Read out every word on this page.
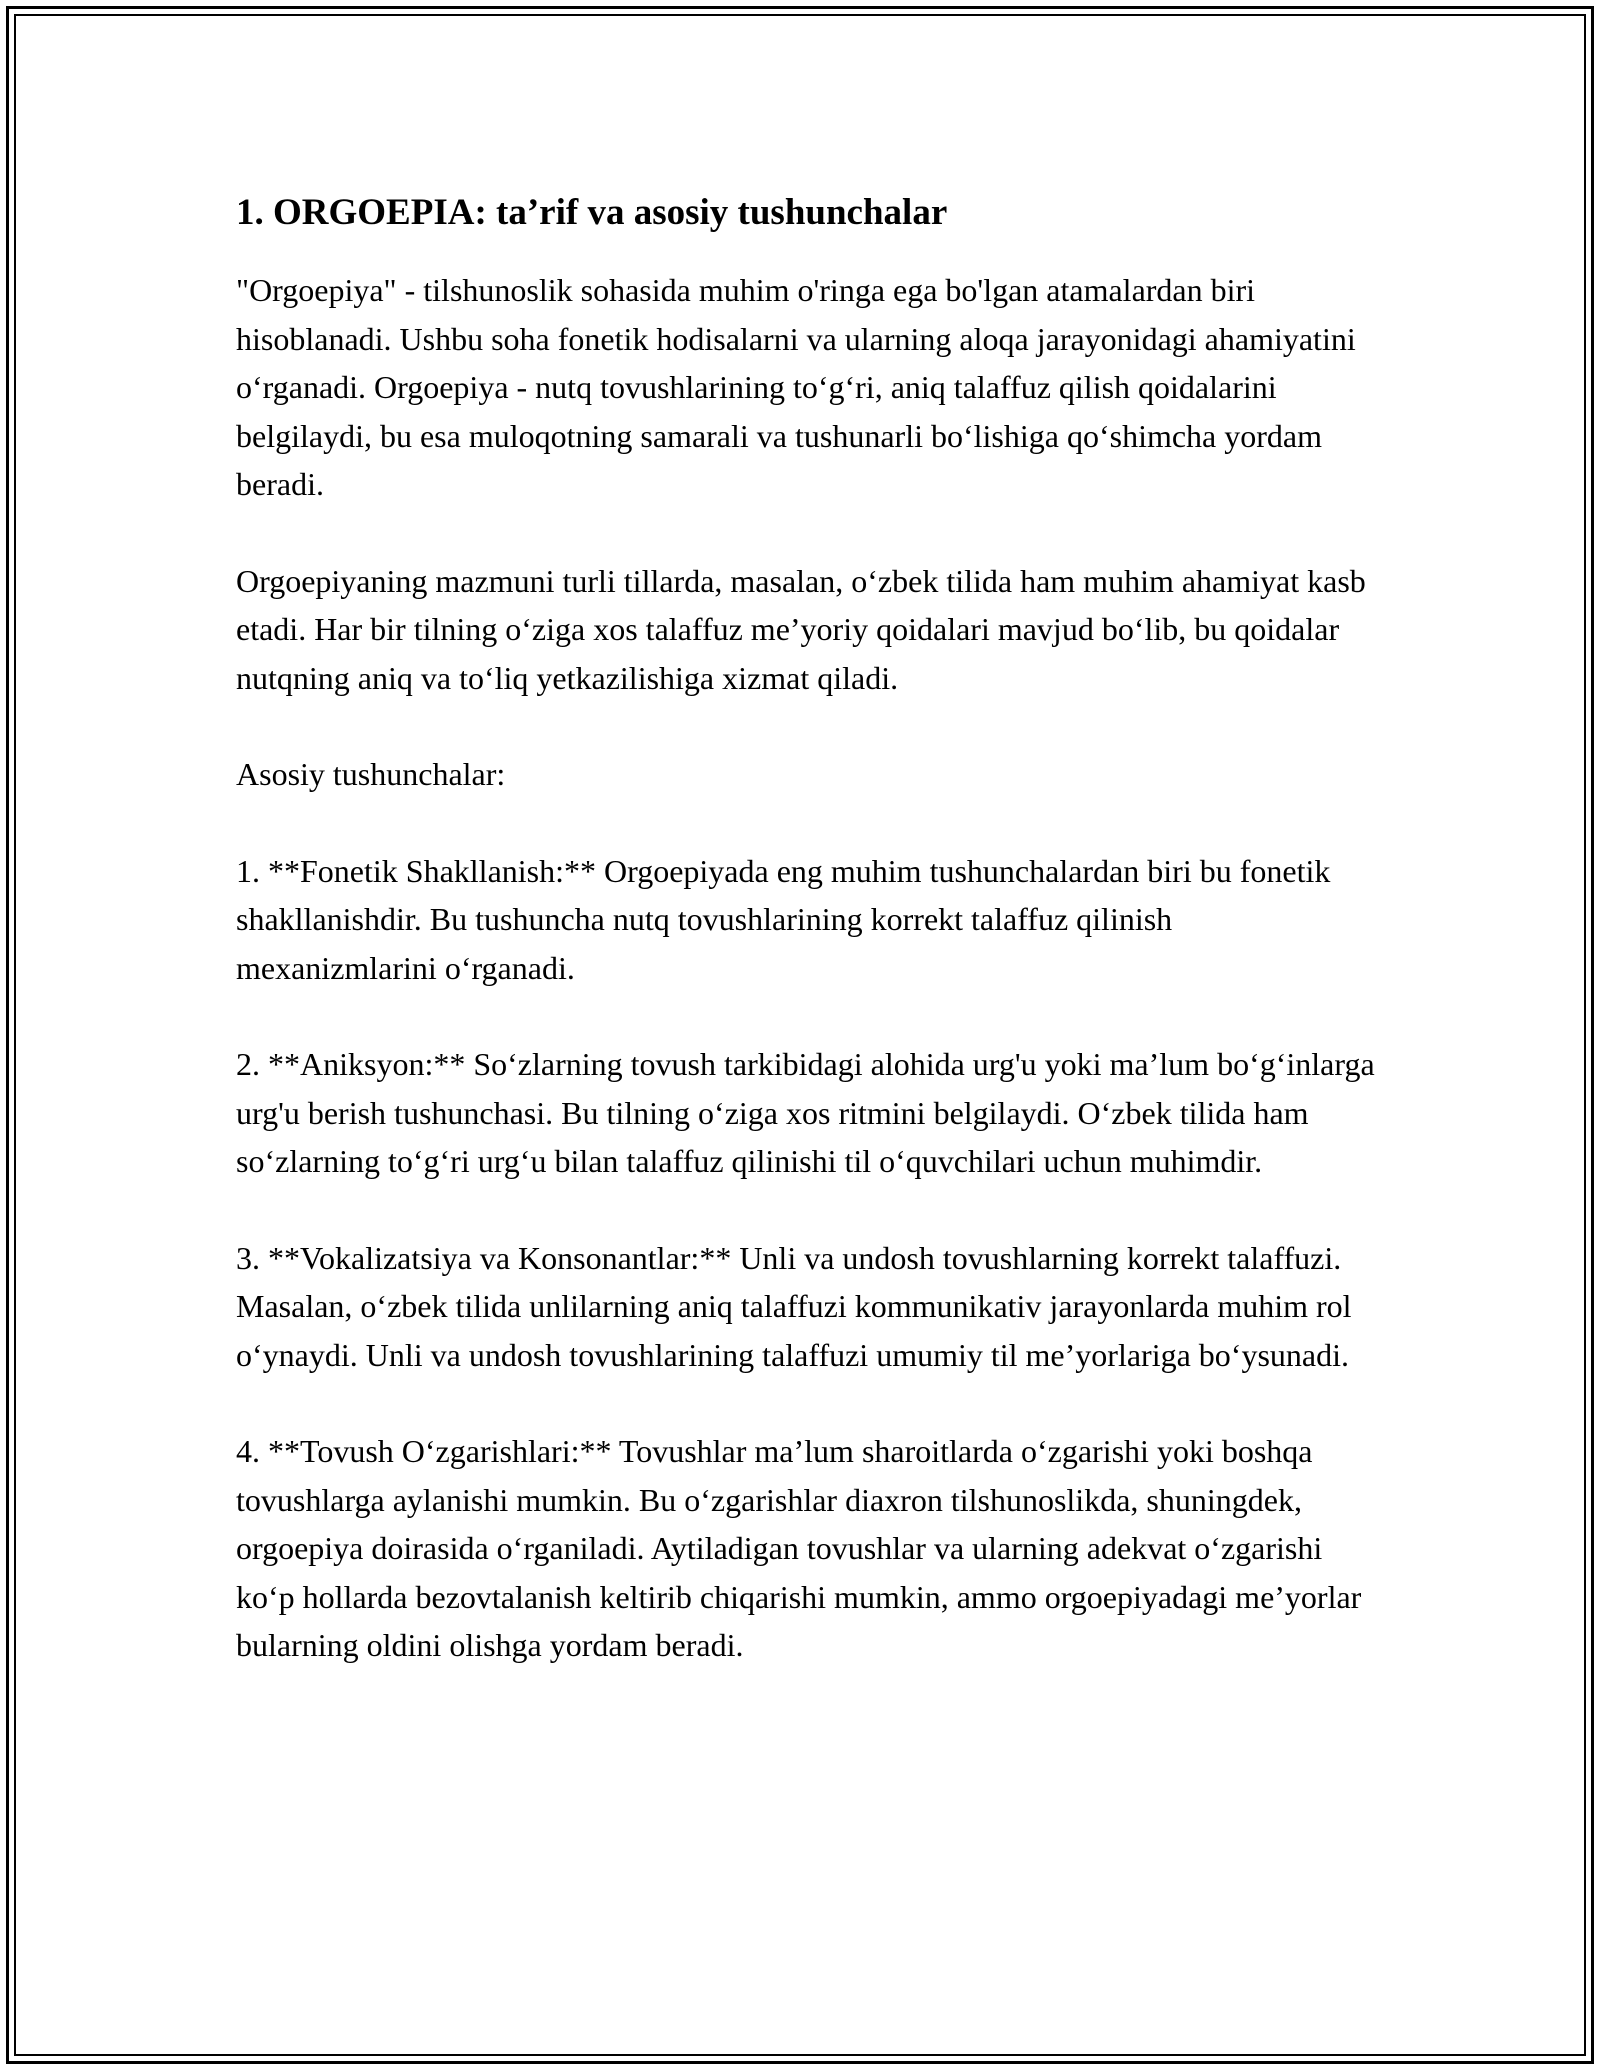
1. ORGOEPIA: ta’rif va asosiy tushunchalar

"Orgoepiya" - tilshunoslik sohasida muhim o'ringa ega bo'lgan atamalardan biri hisoblanadi. Ushbu soha fonetik hodisalarni va ularning aloqa jarayonidagi ahamiyatini o‘rganadi. Orgoepiya - nutq tovushlarining to‘g‘ri, aniq talaffuz qilish qoidalarini belgilaydi, bu esa muloqotning samarali va tushunarli bo‘lishiga qo‘shimcha yordam beradi.

Orgoepiyaning mazmuni turli tillarda, masalan, o‘zbek tilida ham muhim ahamiyat kasb etadi. Har bir tilning o‘ziga xos talaffuz me’yoriy qoidalari mavjud bo‘lib, bu qoidalar nutqning aniq va to‘liq yetkazilishiga xizmat qiladi.

Asosiy tushunchalar:

1. **Fonetik Shakllanish:** Orgoepiyada eng muhim tushunchalardan biri bu fonetik shakllanishdir. Bu tushuncha nutq tovushlarining korrekt talaffuz qilinish mexanizmlarini o‘rganadi.

2. **Aniksyon:** So‘zlarning tovush tarkibidagi alohida urg'u yoki ma’lum bo‘g‘inlarga urg'u berish tushunchasi. Bu tilning o‘ziga xos ritmini belgilaydi. O‘zbek tilida ham so‘zlarning to‘g‘ri urg‘u bilan talaffuz qilinishi til o‘quvchilari uchun muhimdir.

3. **Vokalizatsiya va Konsonantlar:** Unli va undosh tovushlarning korrekt talaffuzi. Masalan, o‘zbek tilida unlilarning aniq talaffuzi kommunikativ jarayonlarda muhim rol o‘ynaydi. Unli va undosh tovushlarining talaffuzi umumiy til me’yorlariga bo‘ysunadi.

4. **Tovush O‘zgarishlari:** Tovushlar ma’lum sharoitlarda o‘zgarishi yoki boshqa tovushlarga aylanishi mumkin. Bu o‘zgarishlar diaxron tilshunoslikda, shuningdek, orgoepiya doirasida o‘rganiladi. Aytiladigan tovushlar va ularning adekvat o‘zgarishi ko‘p hollarda bezovtalanish keltirib chiqarishi mumkin, ammo orgoepiyadagi me’yorlar bularning oldini olishga yordam beradi.
